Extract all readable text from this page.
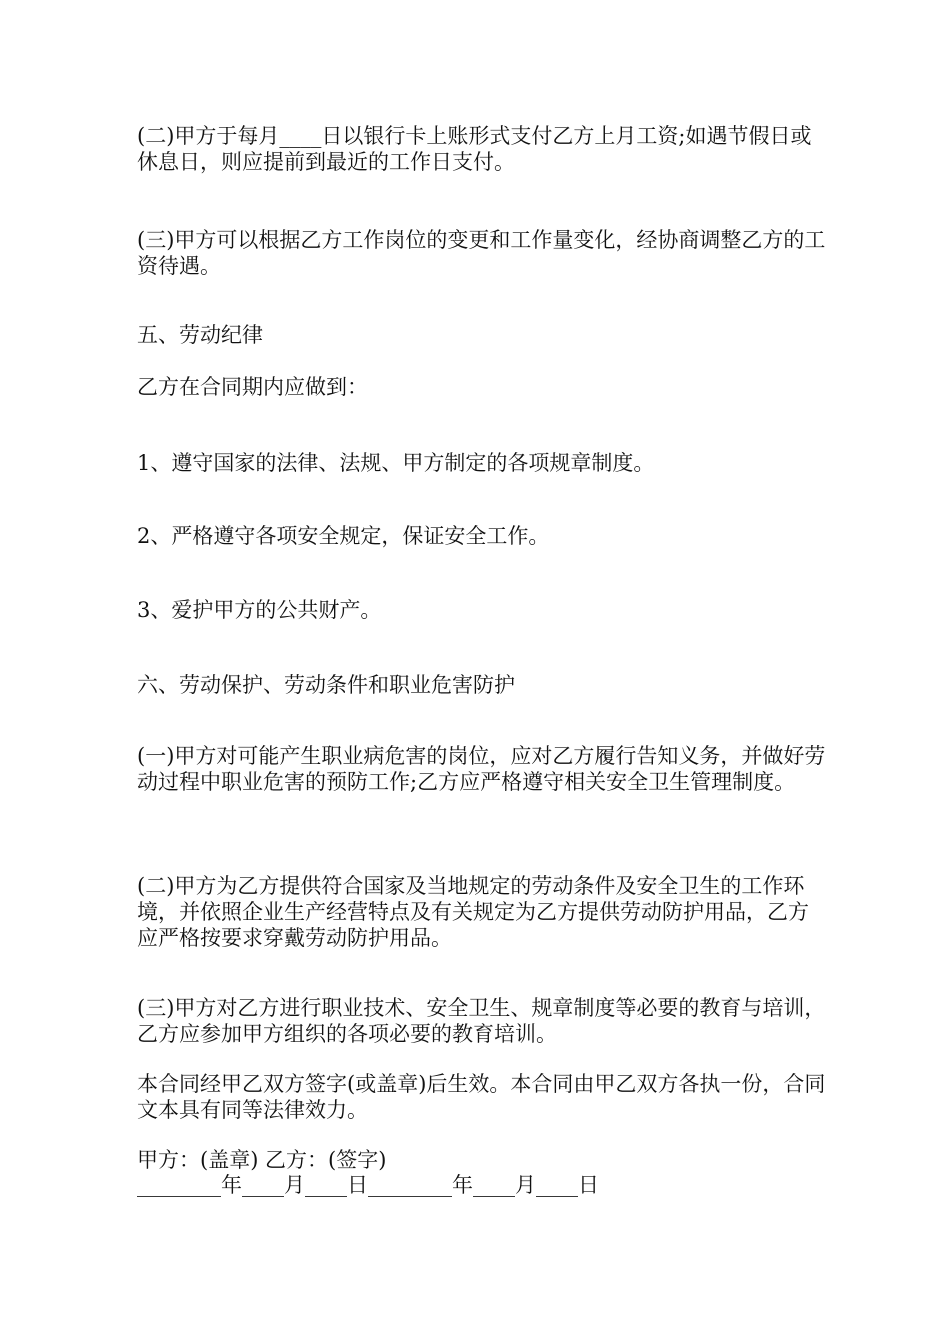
(二)甲方于每月____日以银行卡上账形式支付乙方上月工资;如遇节假日或休息日，则应提前到最近的工作日支付。

(三)甲方可以根据乙方工作岗位的变更和工作量变化，经协商调整乙方的工资待遇。

五、劳动纪律

乙方在合同期内应做到：

1、遵守国家的法律、法规、甲方制定的各项规章制度。

2、严格遵守各项安全规定，保证安全工作。

3、爱护甲方的公共财产。

六、劳动保护、劳动条件和职业危害防护

(一)甲方对可能产生职业病危害的岗位，应对乙方履行告知义务，并做好劳动过程中职业危害的预防工作;乙方应严格遵守相关安全卫生管理制度。

(二)甲方为乙方提供符合国家及当地规定的劳动条件及安全卫生的工作环境，并依照企业生产经营特点及有关规定为乙方提供劳动防护用品，乙方应严格按要求穿戴劳动防护用品。

(三)甲方对乙方进行职业技术、安全卫生、规章制度等必要的教育与培训，乙方应参加甲方组织的各项必要的教育培训。

本合同经甲乙双方签字(或盖章)后生效。本合同由甲乙双方各执一份，合同文本具有同等法律效力。

甲方：(盖章) 乙方：(签字)

________年____月____日________年____月____日
